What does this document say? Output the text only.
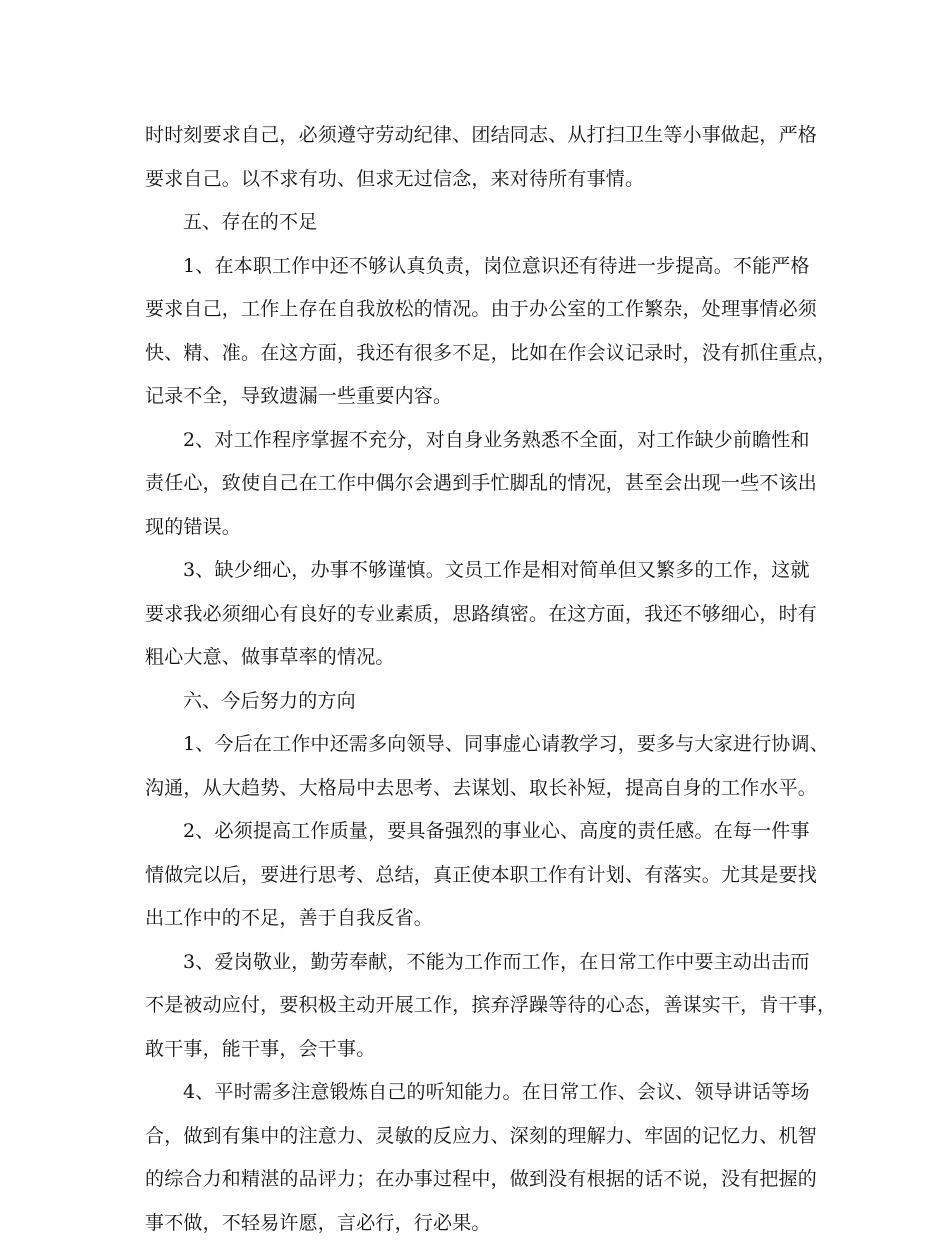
时时刻要求自己，必须遵守劳动纪律、团结同志、从打扫卫生等小事做起，严格
要求自己。以不求有功、但求无过信念，来对待所有事情。
五、存在的不足
1、在本职工作中还不够认真负责，岗位意识还有待进一步提高。不能严格
要求自己，工作上存在自我放松的情况。由于办公室的工作繁杂，处理事情必须
快、精、准。在这方面，我还有很多不足，比如在作会议记录时，没有抓住重点，
记录不全，导致遗漏一些重要内容。
2、对工作程序掌握不充分，对自身业务熟悉不全面，对工作缺少前瞻性和
责任心，致使自己在工作中偶尔会遇到手忙脚乱的情况，甚至会出现一些不该出
现的错误。
3、缺少细心，办事不够谨慎。文员工作是相对简单但又繁多的工作，这就
要求我必须细心有良好的专业素质，思路缜密。在这方面，我还不够细心，时有
粗心大意、做事草率的情况。
六、今后努力的方向
1、今后在工作中还需多向领导、同事虚心请教学习，要多与大家进行协调、
沟通，从大趋势、大格局中去思考、去谋划、取长补短，提高自身的工作水平。
2、必须提高工作质量，要具备强烈的事业心、高度的责任感。在每一件事
情做完以后，要进行思考、总结，真正使本职工作有计划、有落实。尤其是要找
出工作中的不足，善于自我反省。
3、爱岗敬业，勤劳奉献，不能为工作而工作，在日常工作中要主动出击而
不是被动应付，要积极主动开展工作，摈弃浮躁等待的心态，善谋实干，肯干事，
敢干事，能干事，会干事。
4、平时需多注意锻炼自己的听知能力。在日常工作、会议、领导讲话等场
合，做到有集中的注意力、灵敏的反应力、深刻的理解力、牢固的记忆力、机智
的综合力和精湛的品评力；在办事过程中，做到没有根据的话不说，没有把握的
事不做，不轻易许愿，言必行，行必果。
